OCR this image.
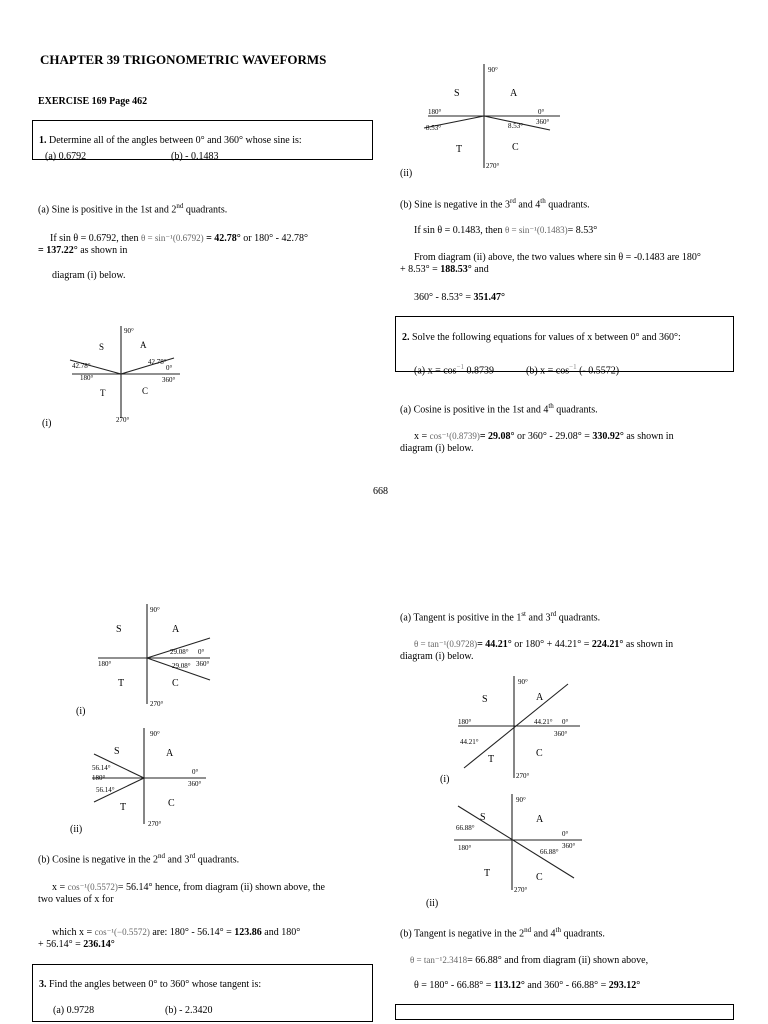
CHAPTER 39 TRIGONOMETRIC WAVEFORMS
EXERCISE 169 Page 462
1. Determine all of the angles between 0° and 360° whose sine is:
(a) 0.6792	(b) - 0.1483
(a) Sine is positive in the 1st and 2nd quadrants.
If sin θ = 0.6792, then θ = sin⁻¹(0.6792) = 42.78° or 180° - 42.78°
= 137.22° as shown in
diagram (i) below.
90°
S	A
42.78°	42.78°
180°
0°
360°
T	C
270°
(i)
90°
S	A
180°
8.53°	8.53°
0°
360°
T	C
270°
(ii)
(b) Sine is negative in the 3rd and 4th quadrants.
If sin θ = 0.1483, then θ = sin⁻¹(0.1483)= 8.53°
From diagram (ii) above, the two values where sin θ = -0.1483 are 180°
+ 8.53° = 188.53° and
360° - 8.53° = 351.47°
2. Solve the following equations for values of x between 0° and 360°:
(a) $x = \cos^{-1} 0.8739$	(b) $x = \cos^{-1}$ (- 0.5572)
(a) Cosine is positive in the 1st and 4th quadrants.
x = cos⁻¹(0.8739)= 29.08° or 360° - 29.08° = 330.92° as shown in
diagram (i) below.
668
90°
S	A
29.08°
29.08°
180°
0°
360°
T	C
270°
(i)
90°
S	A
56.14°
180°
56.14°
0°
360°
T	C
270°
(ii)
(b) Cosine is negative in the 2nd and 3rd quadrants.
x = cos⁻¹(0.5572)= 56.14° hence, from diagram (ii) shown above, the
two values of x for
which x = cos⁻¹(−0.5572) are: 180° - 56.14° = 123.86 and 180°
+ 56.14° = 236.14°
3. Find the angles between 0° to 360° whose tangent is:
(a) 0.9728	(b) - 2.3420
(a) Tangent is positive in the 1st and 3rd quadrants.
θ = tan⁻¹(0.9728)= 44.21° or 180° + 44.21° = 224.21° as shown in
diagram (i) below.
90°
S	A
180°	44.21° 0°
360°
44.21°
T
C
270°
(i)
90°
S	A
66.88°
180°	66.88°
0°
360°
T	C
270°
(ii)
(b) Tangent is negative in the 2nd and 4th quadrants.
θ = tan⁻¹2.3418= 66.88° and from diagram (ii) shown above,
θ = 180° - 66.88° = 113.12° and 360° - 66.88° = 293.12°
